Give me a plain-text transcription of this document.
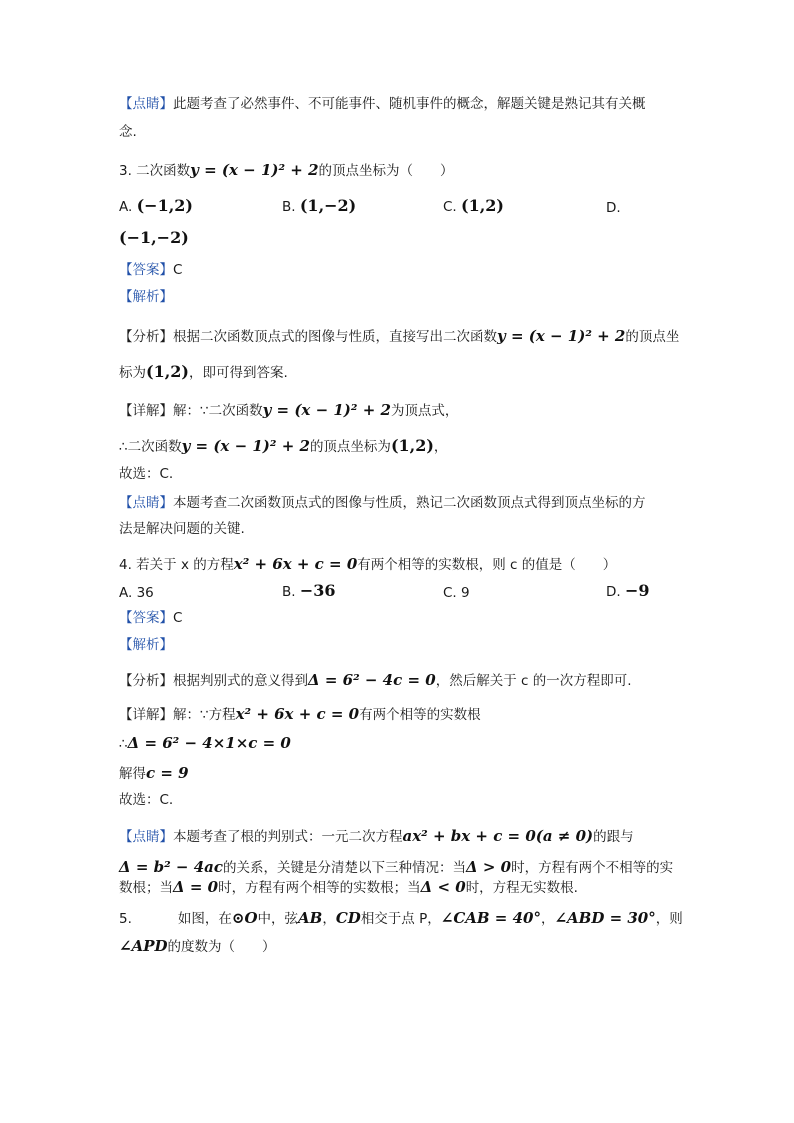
【点睛】此题考查了必然事件、不可能事件、随机事件的概念，解题关键是熟记其有关概
念.
3. 二次函数y = (x − 1)² + 2的顶点坐标为（　　）
A. (−1,2)	B. (1,−2)	C. (1,2)	D.
(−1,−2)
【答案】C
【解析】
【分析】根据二次函数顶点式的图像与性质，直接写出二次函数y = (x − 1)² + 2的顶点坐
标为(1,2)，即可得到答案.
【详解】解：∵二次函数y = (x − 1)² + 2为顶点式，
∴二次函数y = (x − 1)² + 2的顶点坐标为(1,2)，
故选：C.
【点睛】本题考查二次函数顶点式的图像与性质，熟记二次函数顶点式得到顶点坐标的方
法是解决问题的关键.
4. 若关于 x 的方程x² + 6x + c = 0有两个相等的实数根，则 c 的值是（　　）
A. 36	B. −36	C. 9	D. −9
【答案】C
【解析】
【分析】根据判别式的意义得到Δ = 6² − 4c = 0，然后解关于 c 的一次方程即可.
【详解】解：∵方程x² + 6x + c = 0有两个相等的实数根
∴Δ = 6² − 4×1×c = 0
解得c = 9
故选：C.
【点睛】本题考查了根的判别式：一元二次方程ax² + bx + c = 0(a ≠ 0)的跟与
Δ = b² − 4ac的关系，关键是分清楚以下三种情况：当Δ > 0时，方程有两个不相等的实
数根；当Δ = 0时，方程有两个相等的实数根；当Δ < 0时，方程无实数根.
5.	如图，在⊙O中，弦AB，CD相交于点 P，∠CAB = 40°，∠ABD = 30°，则
∠APD的度数为（　　）
